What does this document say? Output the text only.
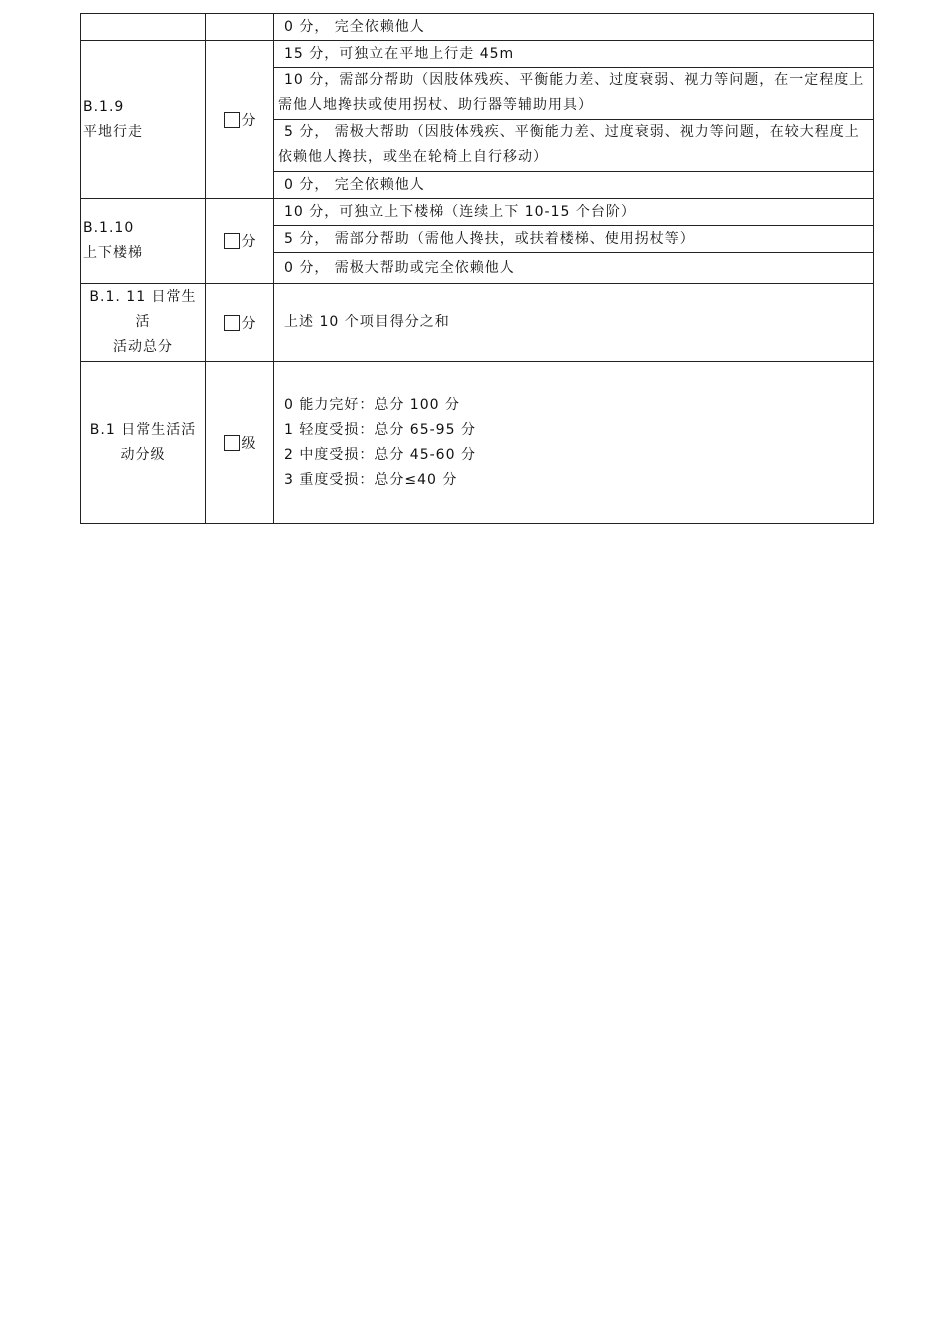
0 分， 完全依赖他人
B.1.9
平地行走
分
15 分，可独立在平地上行走 45m
10 分，需部分帮助（因肢体残疾、平衡能力差、过度衰弱、视力等问题，在一定程度上需他人地搀扶或使用拐杖、助行器等辅助用具）
5 分， 需极大帮助（因肢体残疾、平衡能力差、过度衰弱、视力等问题，在较大程度上依赖他人搀扶，或坐在轮椅上自行移动）
0 分， 完全依赖他人
B.1.10
上下楼梯
分
10 分，可独立上下楼梯（连续上下 10-15 个台阶）
5 分， 需部分帮助（需他人搀扶，或扶着楼梯、使用拐杖等）
0 分， 需极大帮助或完全依赖他人
B.1. 11 日常生
活
活动总分
分	上述 10 个项目得分之和
B.1 日常生活活
动分级
级
0 能力完好：总分 100 分
1 轻度受损：总分 65-95 分
2 中度受损：总分 45-60 分
3 重度受损：总分≤40 分
